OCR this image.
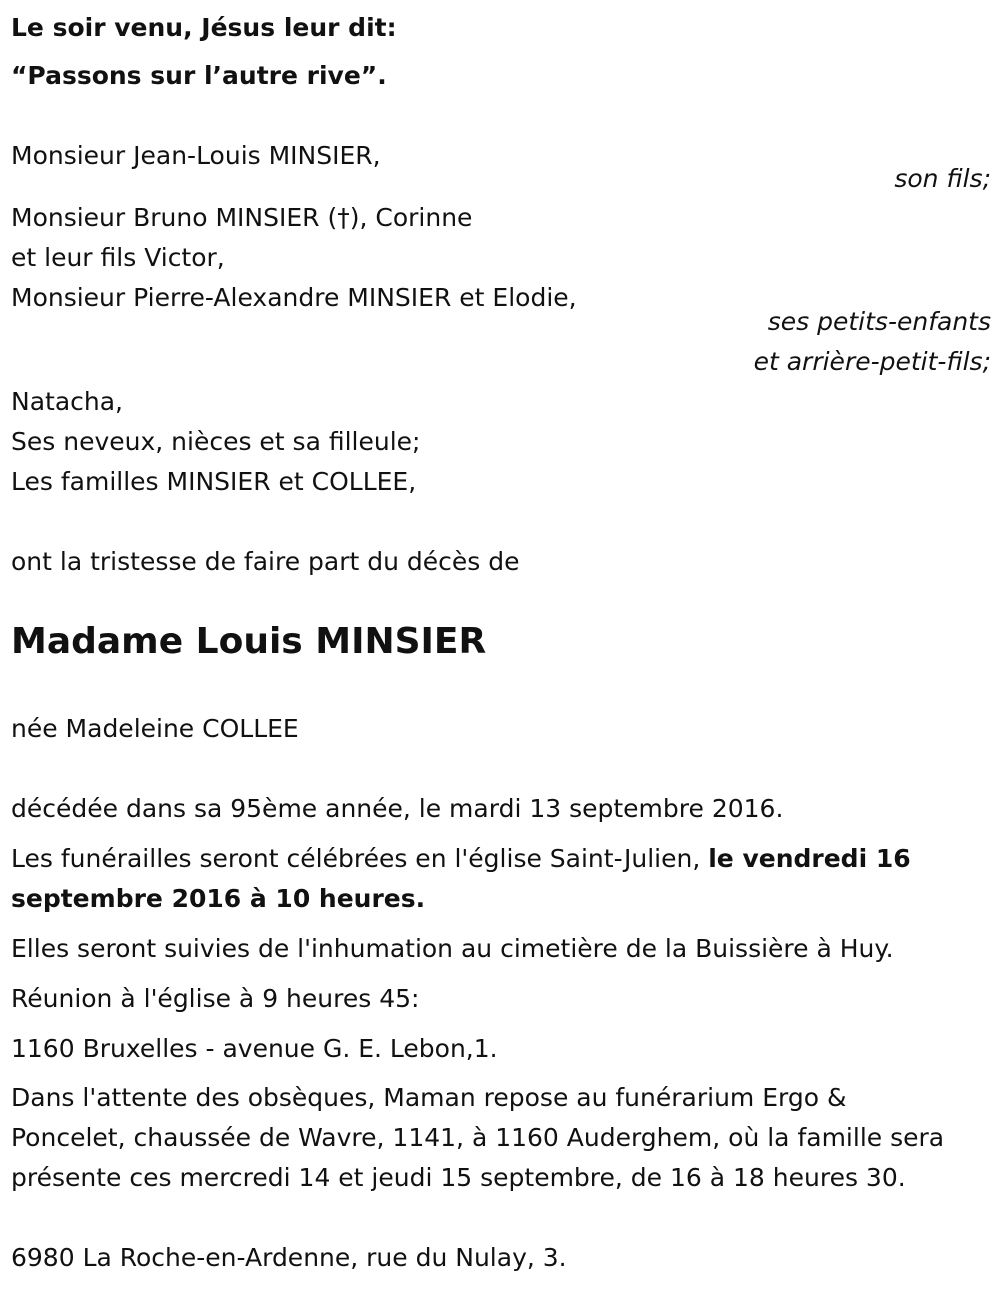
Le soir venu, Jésus leur dit:
“Passons sur l’autre rive”.
Monsieur Jean-Louis MINSIER,
son fils;
Monsieur Bruno MINSIER (†), Corinne
et leur fils Victor,
Monsieur Pierre-Alexandre MINSIER et Elodie,
ses petits-enfants
et arrière-petit-fils;
Natacha,
Ses neveux, nièces et sa filleule;
Les familles MINSIER et COLLEE,
ont la tristesse de faire part du décès de
Madame Louis MINSIER
née Madeleine COLLEE
décédée dans sa 95ème année, le mardi 13 septembre 2016.
Les funérailles seront célébrées en l'église Saint-Julien, le vendredi 16
septembre 2016 à 10 heures.
Elles seront suivies de l'inhumation au cimetière de la Buissière à Huy.
Réunion à l'église à 9 heures 45:
1160 Bruxelles - avenue G. E. Lebon,1.
Dans l'attente des obsèques, Maman repose au funérarium Ergo &
Poncelet, chaussée de Wavre, 1141, à 1160 Auderghem, où la famille sera
présente ces mercredi 14 et jeudi 15 septembre, de 16 à 18 heures 30.
6980 La Roche-en-Ardenne, rue du Nulay, 3.
